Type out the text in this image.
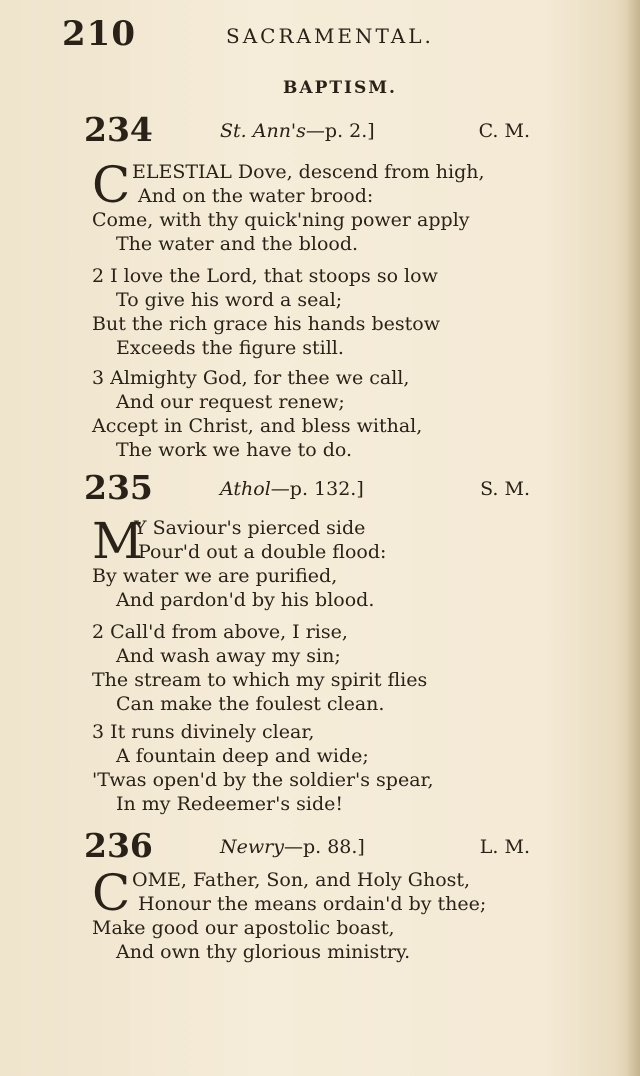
210	SACRAMENTAL.
BAPTISM.
234	St. Ann's—p. 2.]	C. M.
C ELESTIAL Dove, descend from high,
And on the water brood:
Come, with thy quick'ning power apply
The water and the blood.
2 I love the Lord, that stoops so low
To give his word a seal;
But the rich grace his hands bestow
Exceeds the figure still.
3 Almighty God, for thee we call,
And our request renew;
Accept in Christ, and bless withal,
The work we have to do.
235	Athol—p. 132.]	S. M.
M
Y Saviour's pierced side
Pour'd out a double flood:
By water we are purified,
And pardon'd by his blood.
2 Call'd from above, I rise,
And wash away my sin;
The stream to which my spirit flies
Can make the foulest clean.
3 It runs divinely clear,
A fountain deep and wide;
'Twas open'd by the soldier's spear,
In my Redeemer's side!
236	Newry—p. 88.]	L. M.
C OME, Father, Son, and Holy Ghost,
Honour the means ordain'd by thee;
Make good our apostolic boast,
And own thy glorious ministry.
